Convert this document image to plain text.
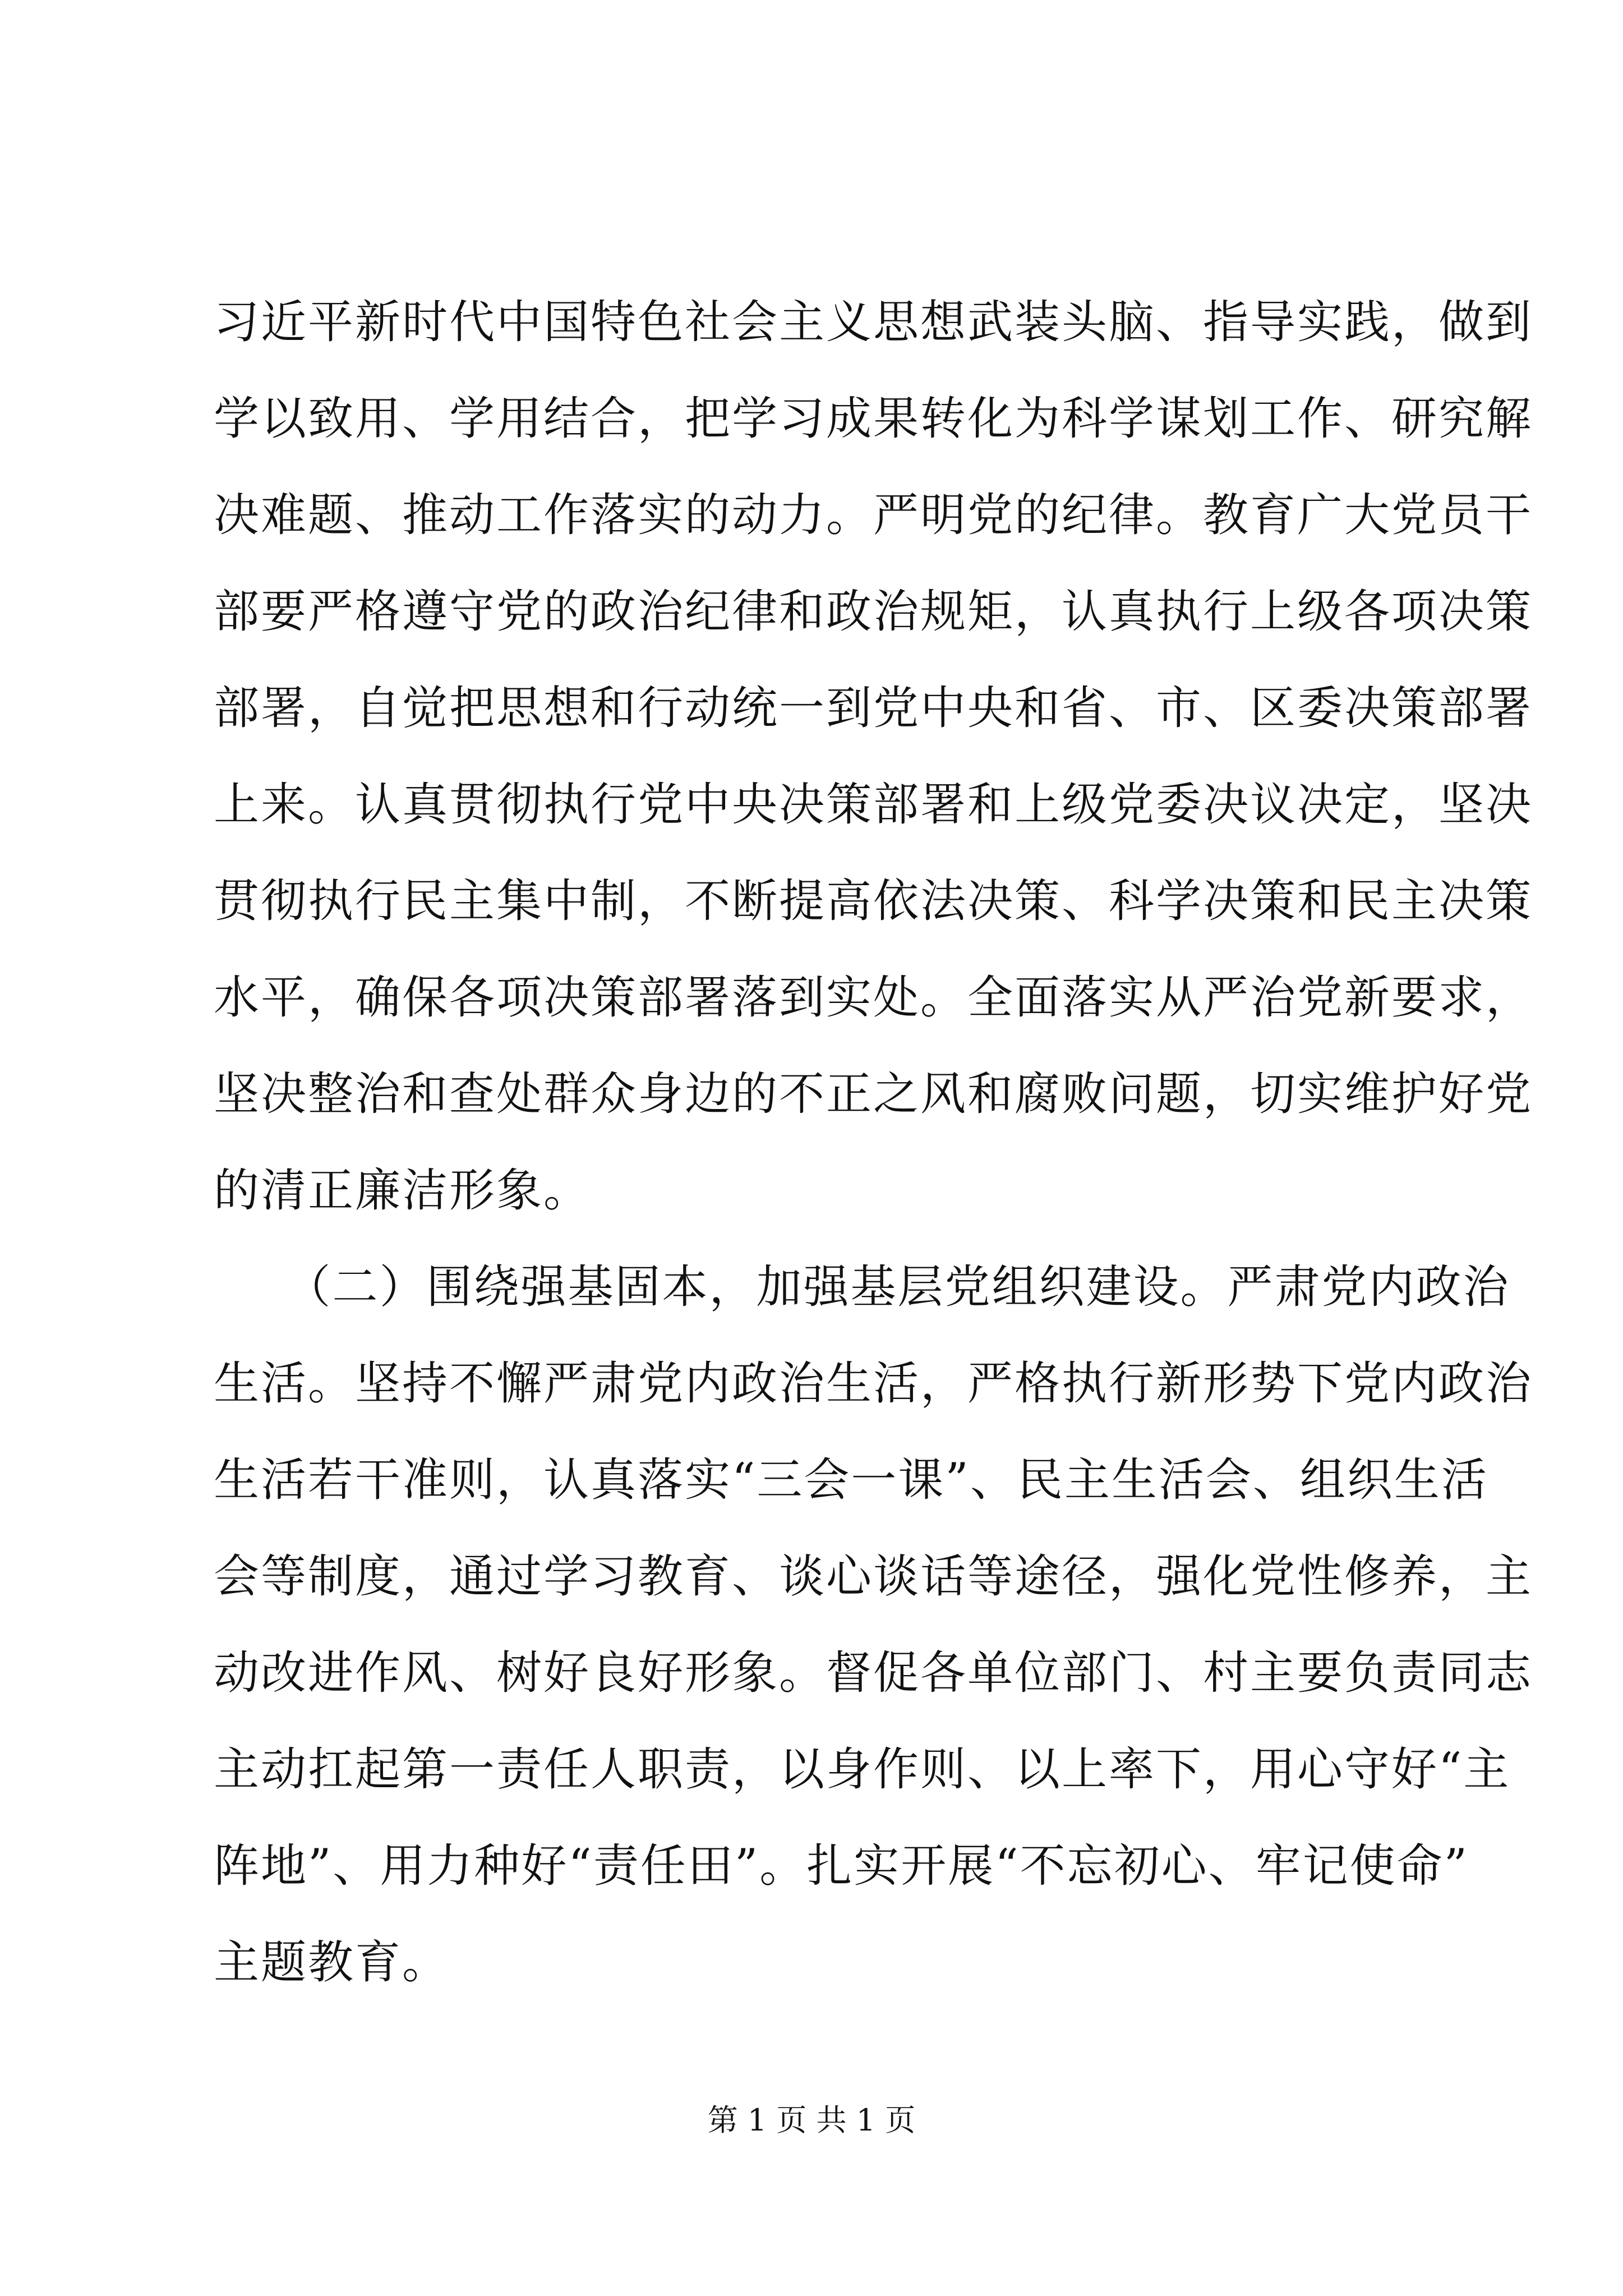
习近平新时代中国特色社会主义思想武装头脑、指导实践，做到
学以致用、学用结合，把学习成果转化为科学谋划工作、研究解
决难题、推动工作落实的动力。严明党的纪律。教育广大党员干
部要严格遵守党的政治纪律和政治规矩，认真执行上级各项决策
部署，自觉把思想和行动统一到党中央和省、市、区委决策部署
上来。认真贯彻执行党中央决策部署和上级党委决议决定，坚决
贯彻执行民主集中制，不断提高依法决策、科学决策和民主决策
水平，确保各项决策部署落到实处。全面落实从严治党新要求，
坚决整治和查处群众身边的不正之风和腐败问题，切实维护好党
的清正廉洁形象。
　　（二）围绕强基固本，加强基层党组织建设。严肃党内政治
生活。坚持不懈严肃党内政治生活，严格执行新形势下党内政治
生活若干准则，认真落实“三会一课”、民主生活会、组织生活
会等制度，通过学习教育、谈心谈话等途径，强化党性修养，主
动改进作风、树好良好形象。督促各单位部门、村主要负责同志
主动扛起第一责任人职责，以身作则、以上率下，用心守好“主
阵地”、用力种好“责任田”。扎实开展“不忘初心、牢记使命”
主题教育。
第 1 页 共 1 页
